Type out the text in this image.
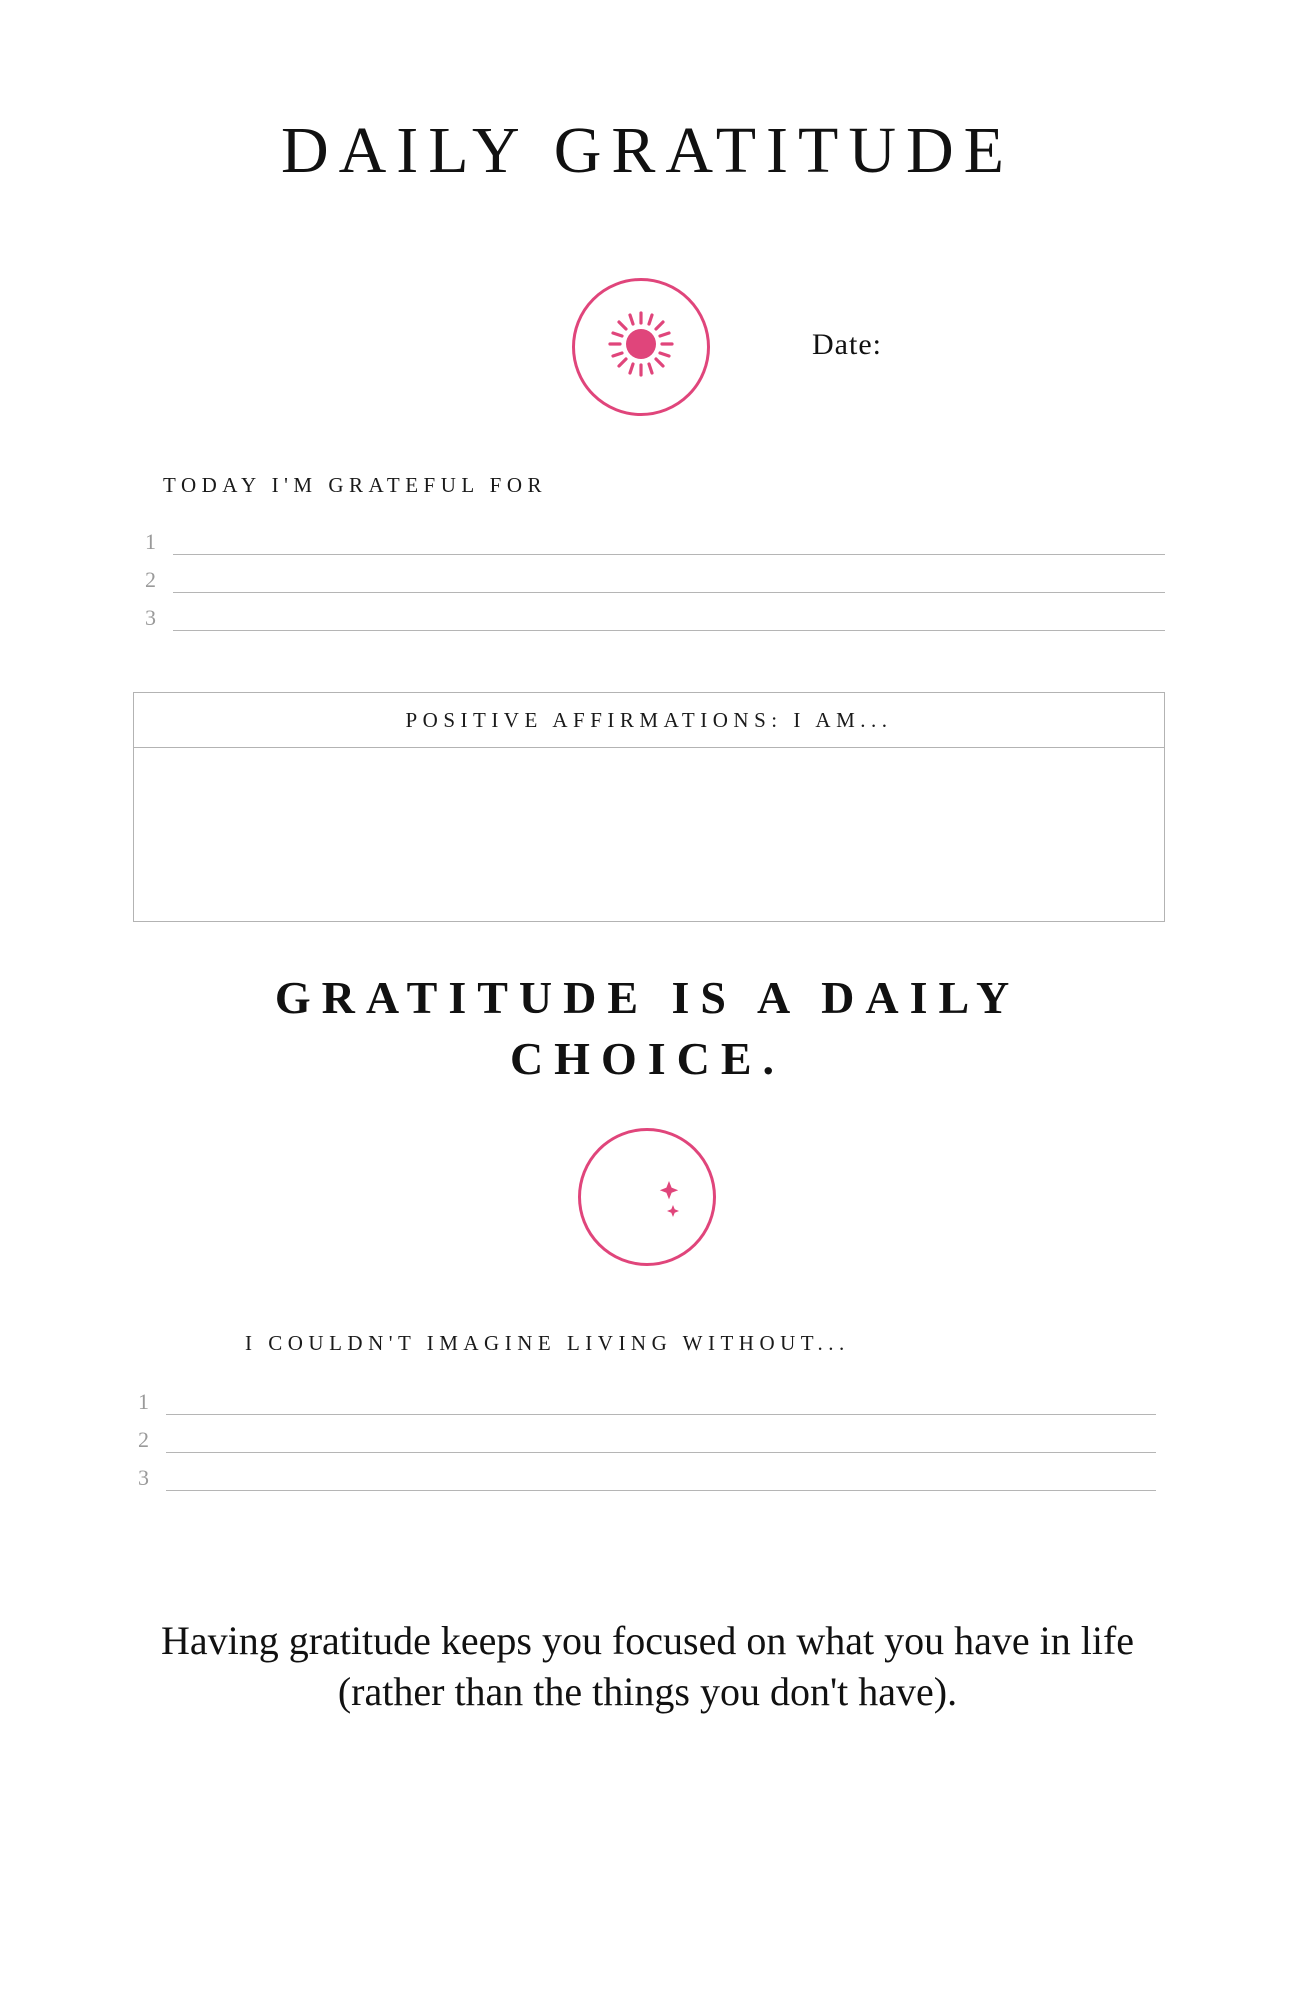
DAILY GRATITUDE
Date:
TODAY I'M GRATEFUL FOR
1
2
3
POSITIVE AFFIRMATIONS: I AM...
GRATITUDE IS A DAILY CHOICE.
I COULDN'T IMAGINE LIVING WITHOUT...
1
2
3
Having gratitude keeps you focused on what you have in life (rather than the things you don't have).
